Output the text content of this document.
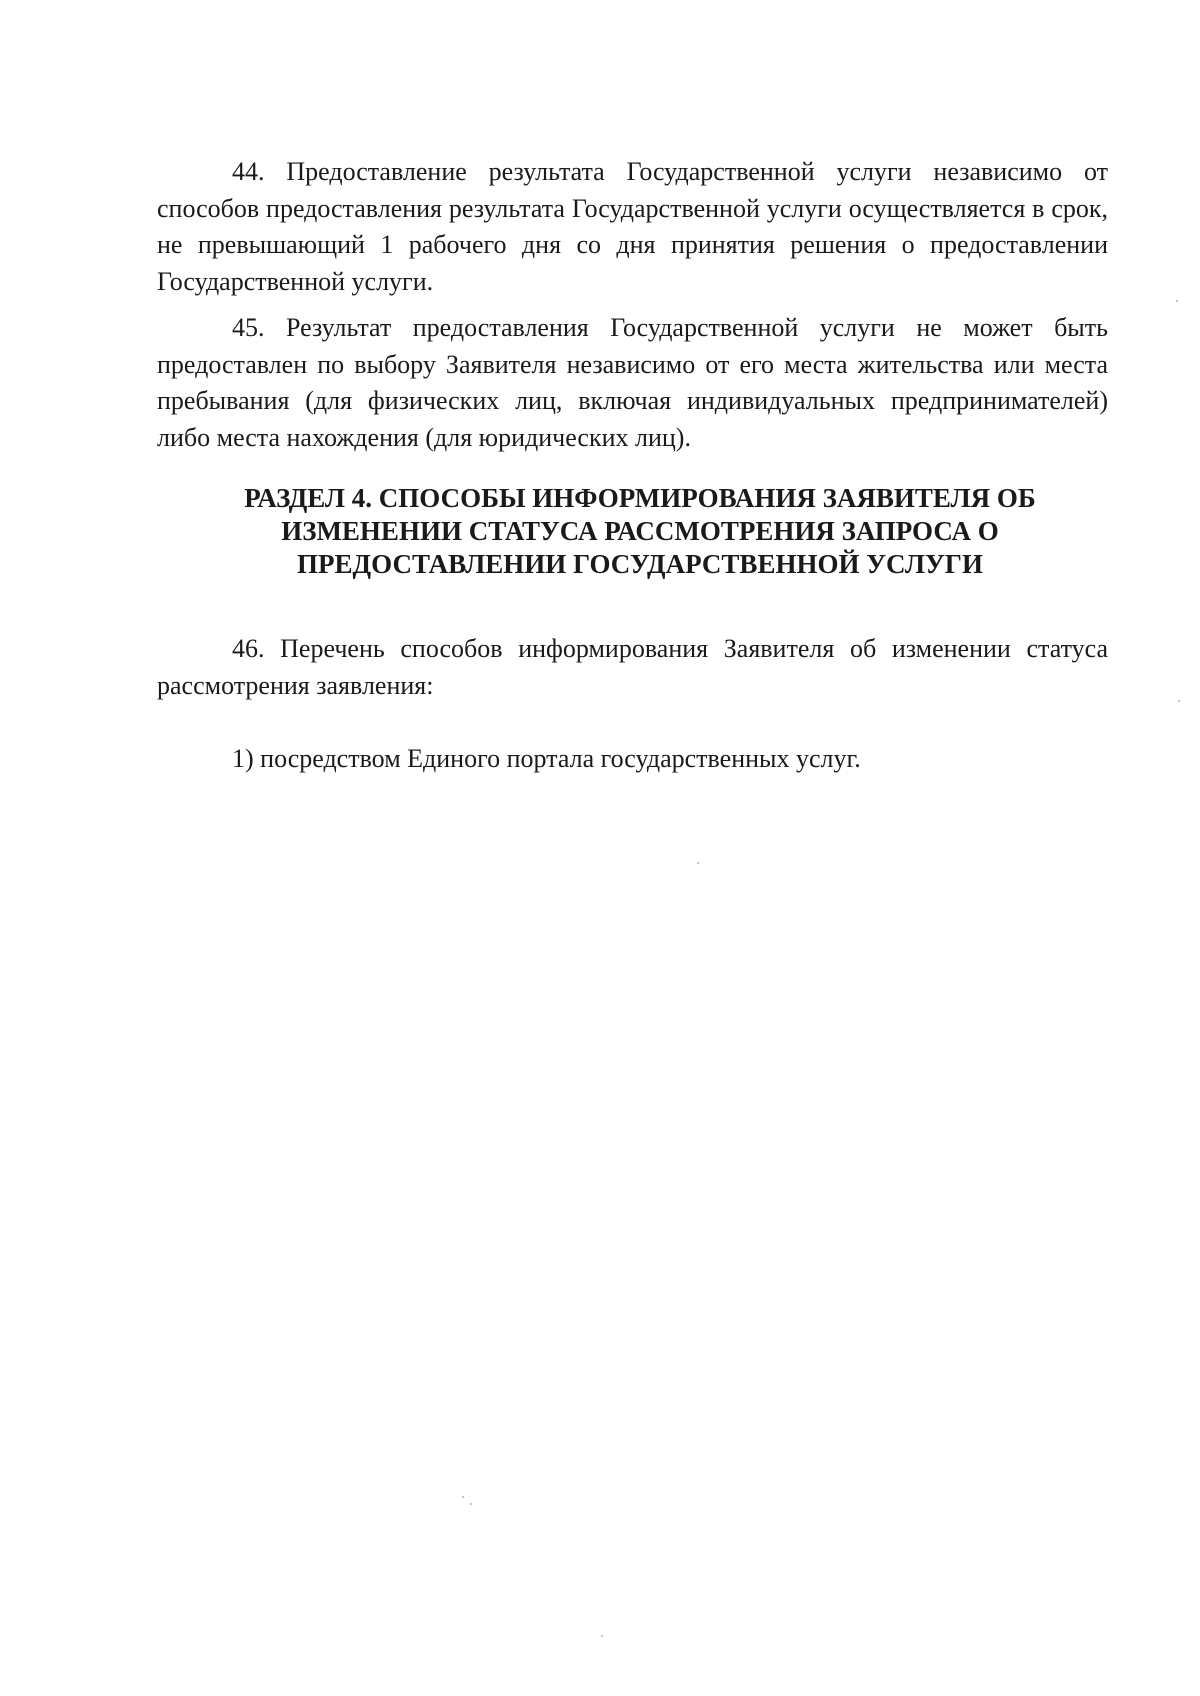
44. Предоставление результата Государственной услуги независимо от способов предоставления результата Государственной услуги осуществляется в срок, не превышающий 1 рабочего дня со дня принятия решения о предоставлении Государственной услуги.

45. Результат предоставления Государственной услуги не может быть предоставлен по выбору Заявителя независимо от его места жительства или места пребывания (для физических лиц, включая индивидуальных предпринимателей) либо места нахождения (для юридических лиц).

РАЗДЕЛ 4. СПОСОБЫ ИНФОРМИРОВАНИЯ ЗАЯВИТЕЛЯ ОБ
ИЗМЕНЕНИИ СТАТУСА РАССМОТРЕНИЯ ЗАПРОСА О
ПРЕДОСТАВЛЕНИИ ГОСУДАРСТВЕННОЙ УСЛУГИ

46. Перечень способов информирования Заявителя об изменении статуса рассмотрения заявления:

1) посредством Единого портала государственных услуг.
